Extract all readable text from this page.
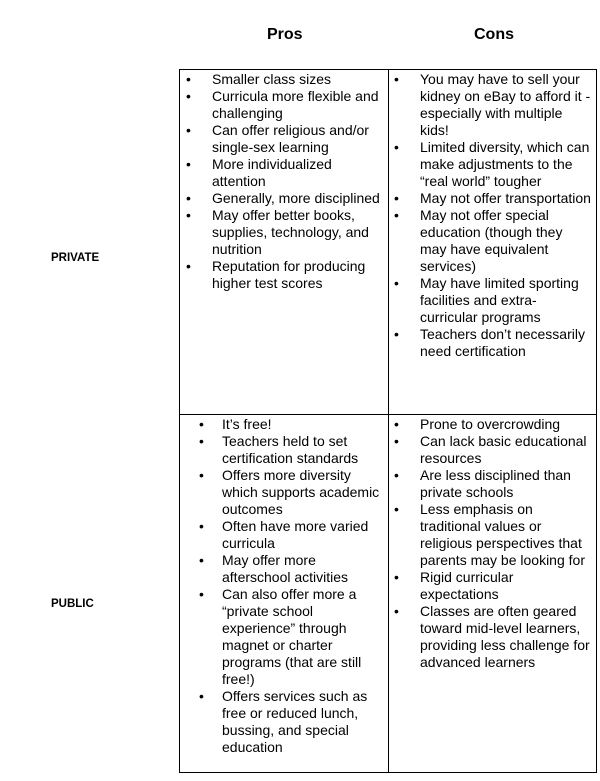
Pros	Cons
PRIVATE
PUBLIC
• Smaller class sizes
• Curricula more flexible and challenging
• Can offer religious and/or single-sex learning
• More individualized attention
• Generally, more disciplined
• May offer better books, supplies, technology, and nutrition
• Reputation for producing higher test scores
• You may have to sell your kidney on eBay to afford it - especially with multiple kids!
• Limited diversity, which can make adjustments to the “real world” tougher
• May not offer transportation
• May not offer special education (though they may have equivalent services)
• May have limited sporting facilities and extra-curricular programs
• Teachers don’t necessarily need certification
• It’s free!
• Teachers held to set certification standards
• Offers more diversity which supports academic outcomes
• Often have more varied curricula
• May offer more afterschool activities
• Can also offer more a “private school experience” through magnet or charter programs (that are still free!)
• Offers services such as free or reduced lunch, bussing, and special education
• Prone to overcrowding
• Can lack basic educational resources
• Are less disciplined than private schools
• Less emphasis on traditional values or religious perspectives that parents may be looking for
• Rigid curricular expectations
• Classes are often geared toward mid-level learners, providing less challenge for advanced learners
